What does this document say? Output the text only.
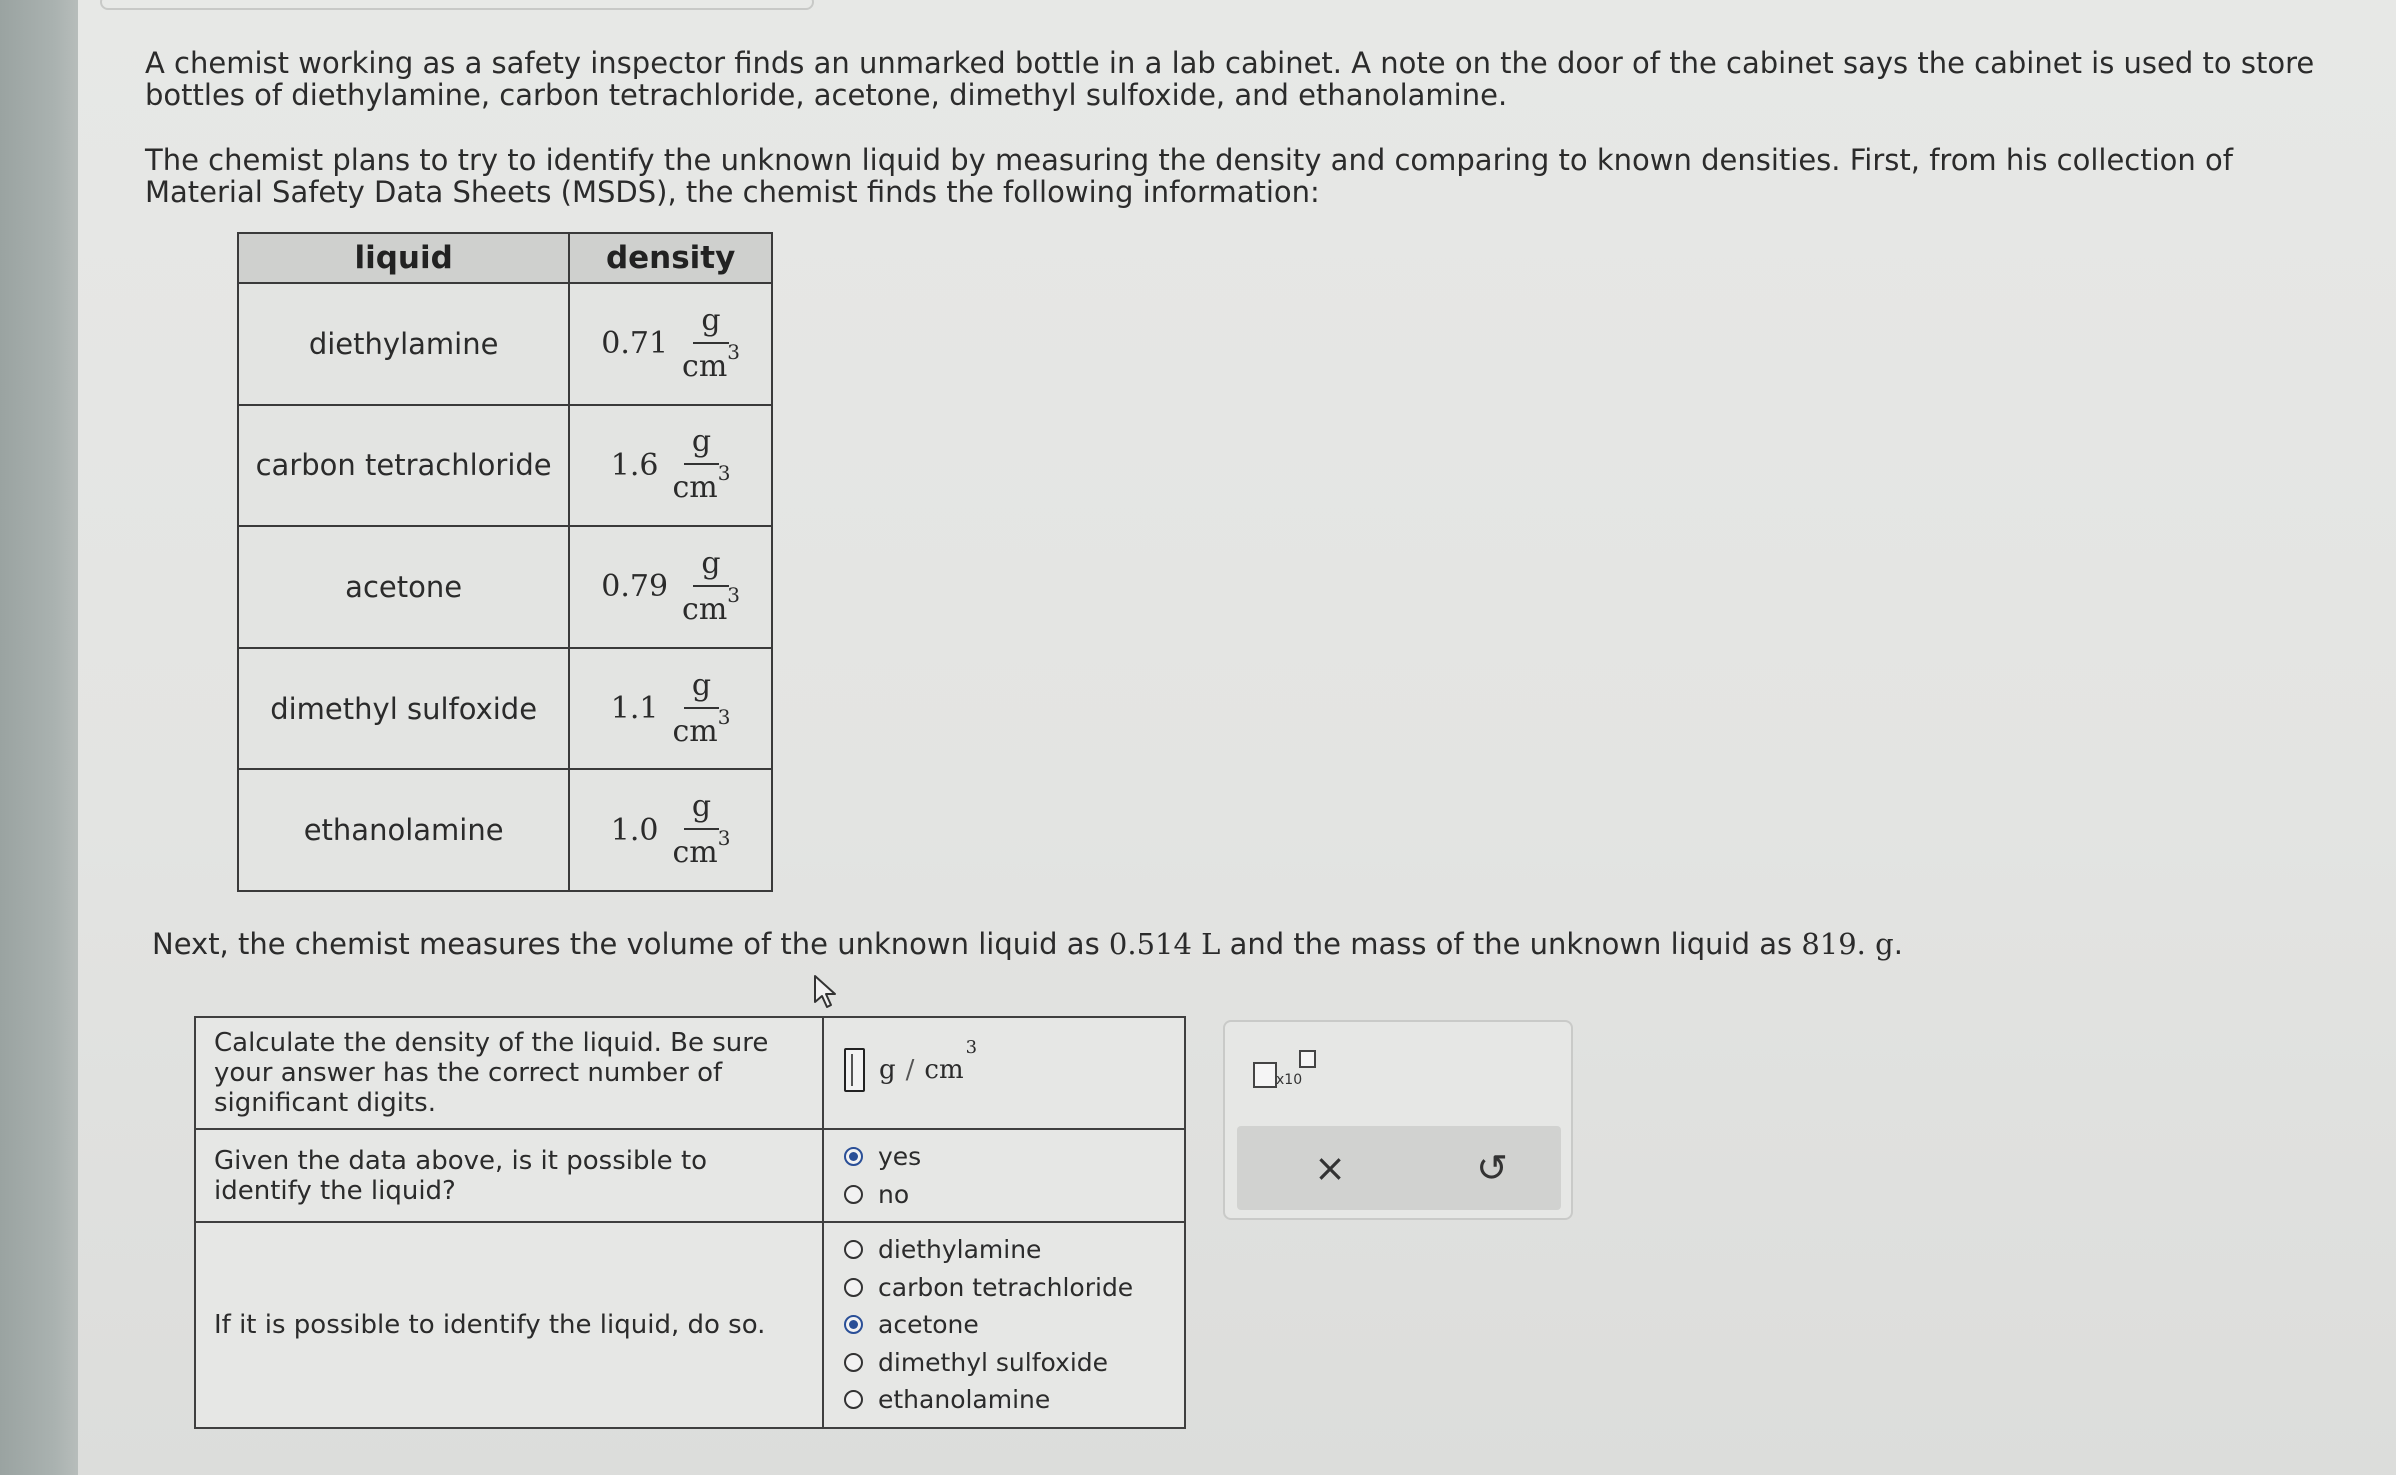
A chemist working as a safety inspector finds an unmarked bottle in a lab cabinet. A note on the door of the cabinet says the cabinet is used to store bottles of diethylamine, carbon tetrachloride, acetone, dimethyl sulfoxide, and ethanolamine.

The chemist plans to try to identify the unknown liquid by measuring the density and comparing to known densities. First, from his collection of Material Safety Data Sheets (MSDS), the chemist finds the following information:

liquid	density
diethylamine	$0.71 \frac{g}{cm^3}$

carbon tetrachloride	$1.6 \frac{g}{cm^3}$

acetone	$0.79 \frac{g}{cm^3}$

dimethyl sulfoxide	$1.1 \frac{g}{cm^3}$

ethanolamine	$1.0 \frac{g}{cm^3}$

Next, the chemist measures the volume of the unknown liquid as 0.514 L and the mass of the unknown liquid as 819. g.

Calculate the density of the liquid. Be sure your answer has the correct number of significant digits.	g / cm
3

Given the data above, is it possible to identify the liquid?	yes
no

If it is possible to identify the liquid, do so.	diethylamine
carbon tetrachloride
acetone
dimethyl sulfoxide
ethanolamine
x10
×	↺
